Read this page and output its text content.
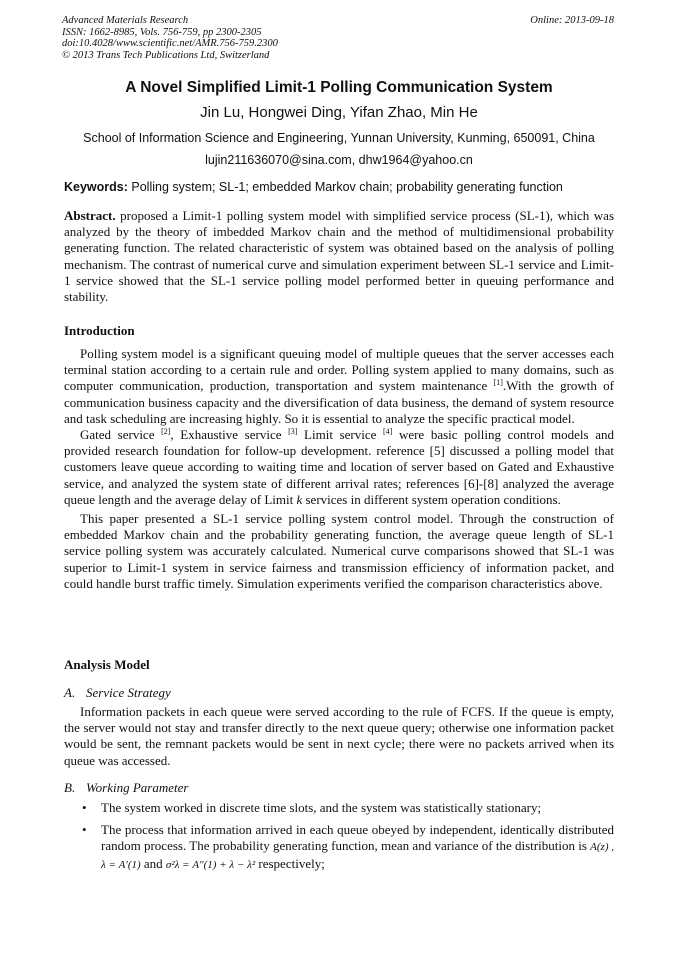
Advanced Materials Research
ISSN: 1662-8985, Vols. 756-759, pp 2300-2305
doi:10.4028/www.scientific.net/AMR.756-759.2300
© 2013 Trans Tech Publications Ltd, Switzerland
Online: 2013-09-18
A Novel Simplified Limit-1 Polling Communication System
Jin Lu, Hongwei Ding, Yifan Zhao, Min He
School of Information Science and Engineering, Yunnan University, Kunming, 650091, China
lujin211636070@sina.com, dhw1964@yahoo.cn
Keywords: Polling system; SL-1; embedded Markov chain; probability generating function

Abstract. proposed a Limit-1 polling system model with simplified service process (SL-1), which was analyzed by the theory of imbedded Markov chain and the method of multidimensional probability generating function. The related characteristic of system was obtained based on the analysis of polling mechanism. The contrast of numerical curve and simulation experiment between SL-1 service and Limit-1 service showed that the SL-1 service polling model performed better in queuing performance and stability.

Introduction

Polling system model is a significant queuing model of multiple queues that the server accesses each terminal station according to a certain rule and order. Polling system applied to many domains, such as computer communication, production, transportation and system maintenance [1].With the growth of communication business capacity and the diversification of data business, the demand of system resource and task scheduling are increasing highly. So it is essential to analyze the specific practical model.

Gated service [2], Exhaustive service [3] Limit service [4] were basic polling control models and provided research foundation for follow-up development. reference [5] discussed a polling model that customers leave queue according to waiting time and location of server based on Gated and Exhaustive service, and analyzed the system state of different arrival rates; references [6]-[8] analyzed the average queue length and the average delay of Limit k services in different system operation conditions.

This paper presented a SL-1 service polling system control model. Through the construction of embedded Markov chain and the probability generating function, the average queue length of SL-1 service polling system was accurately calculated. Numerical curve comparisons showed that SL-1 was superior to Limit-1 system in service fairness and transmission efficiency of information packet, and could handle burst traffic timely. Simulation experiments verified the comparison characteristics above.

Analysis Model
A. Service Strategy

Information packets in each queue were served according to the rule of FCFS. If the queue is empty, the server would not stay and transfer directly to the next queue query; otherwise one information packet would be sent, the remnant packets would be sent in next cycle; there were no packets arrived when its queue was accessed.

B. Working Parameter
•	The system worked in discrete time slots, and the system was statistically stationary;
•	The process that information arrived in each queue obeyed by independent, identically distributed random process. The probability generating function, mean and variance of the distribution is A(z) , λ = A′(1) and σ²λ = A″(1) + λ − λ² respectively;
